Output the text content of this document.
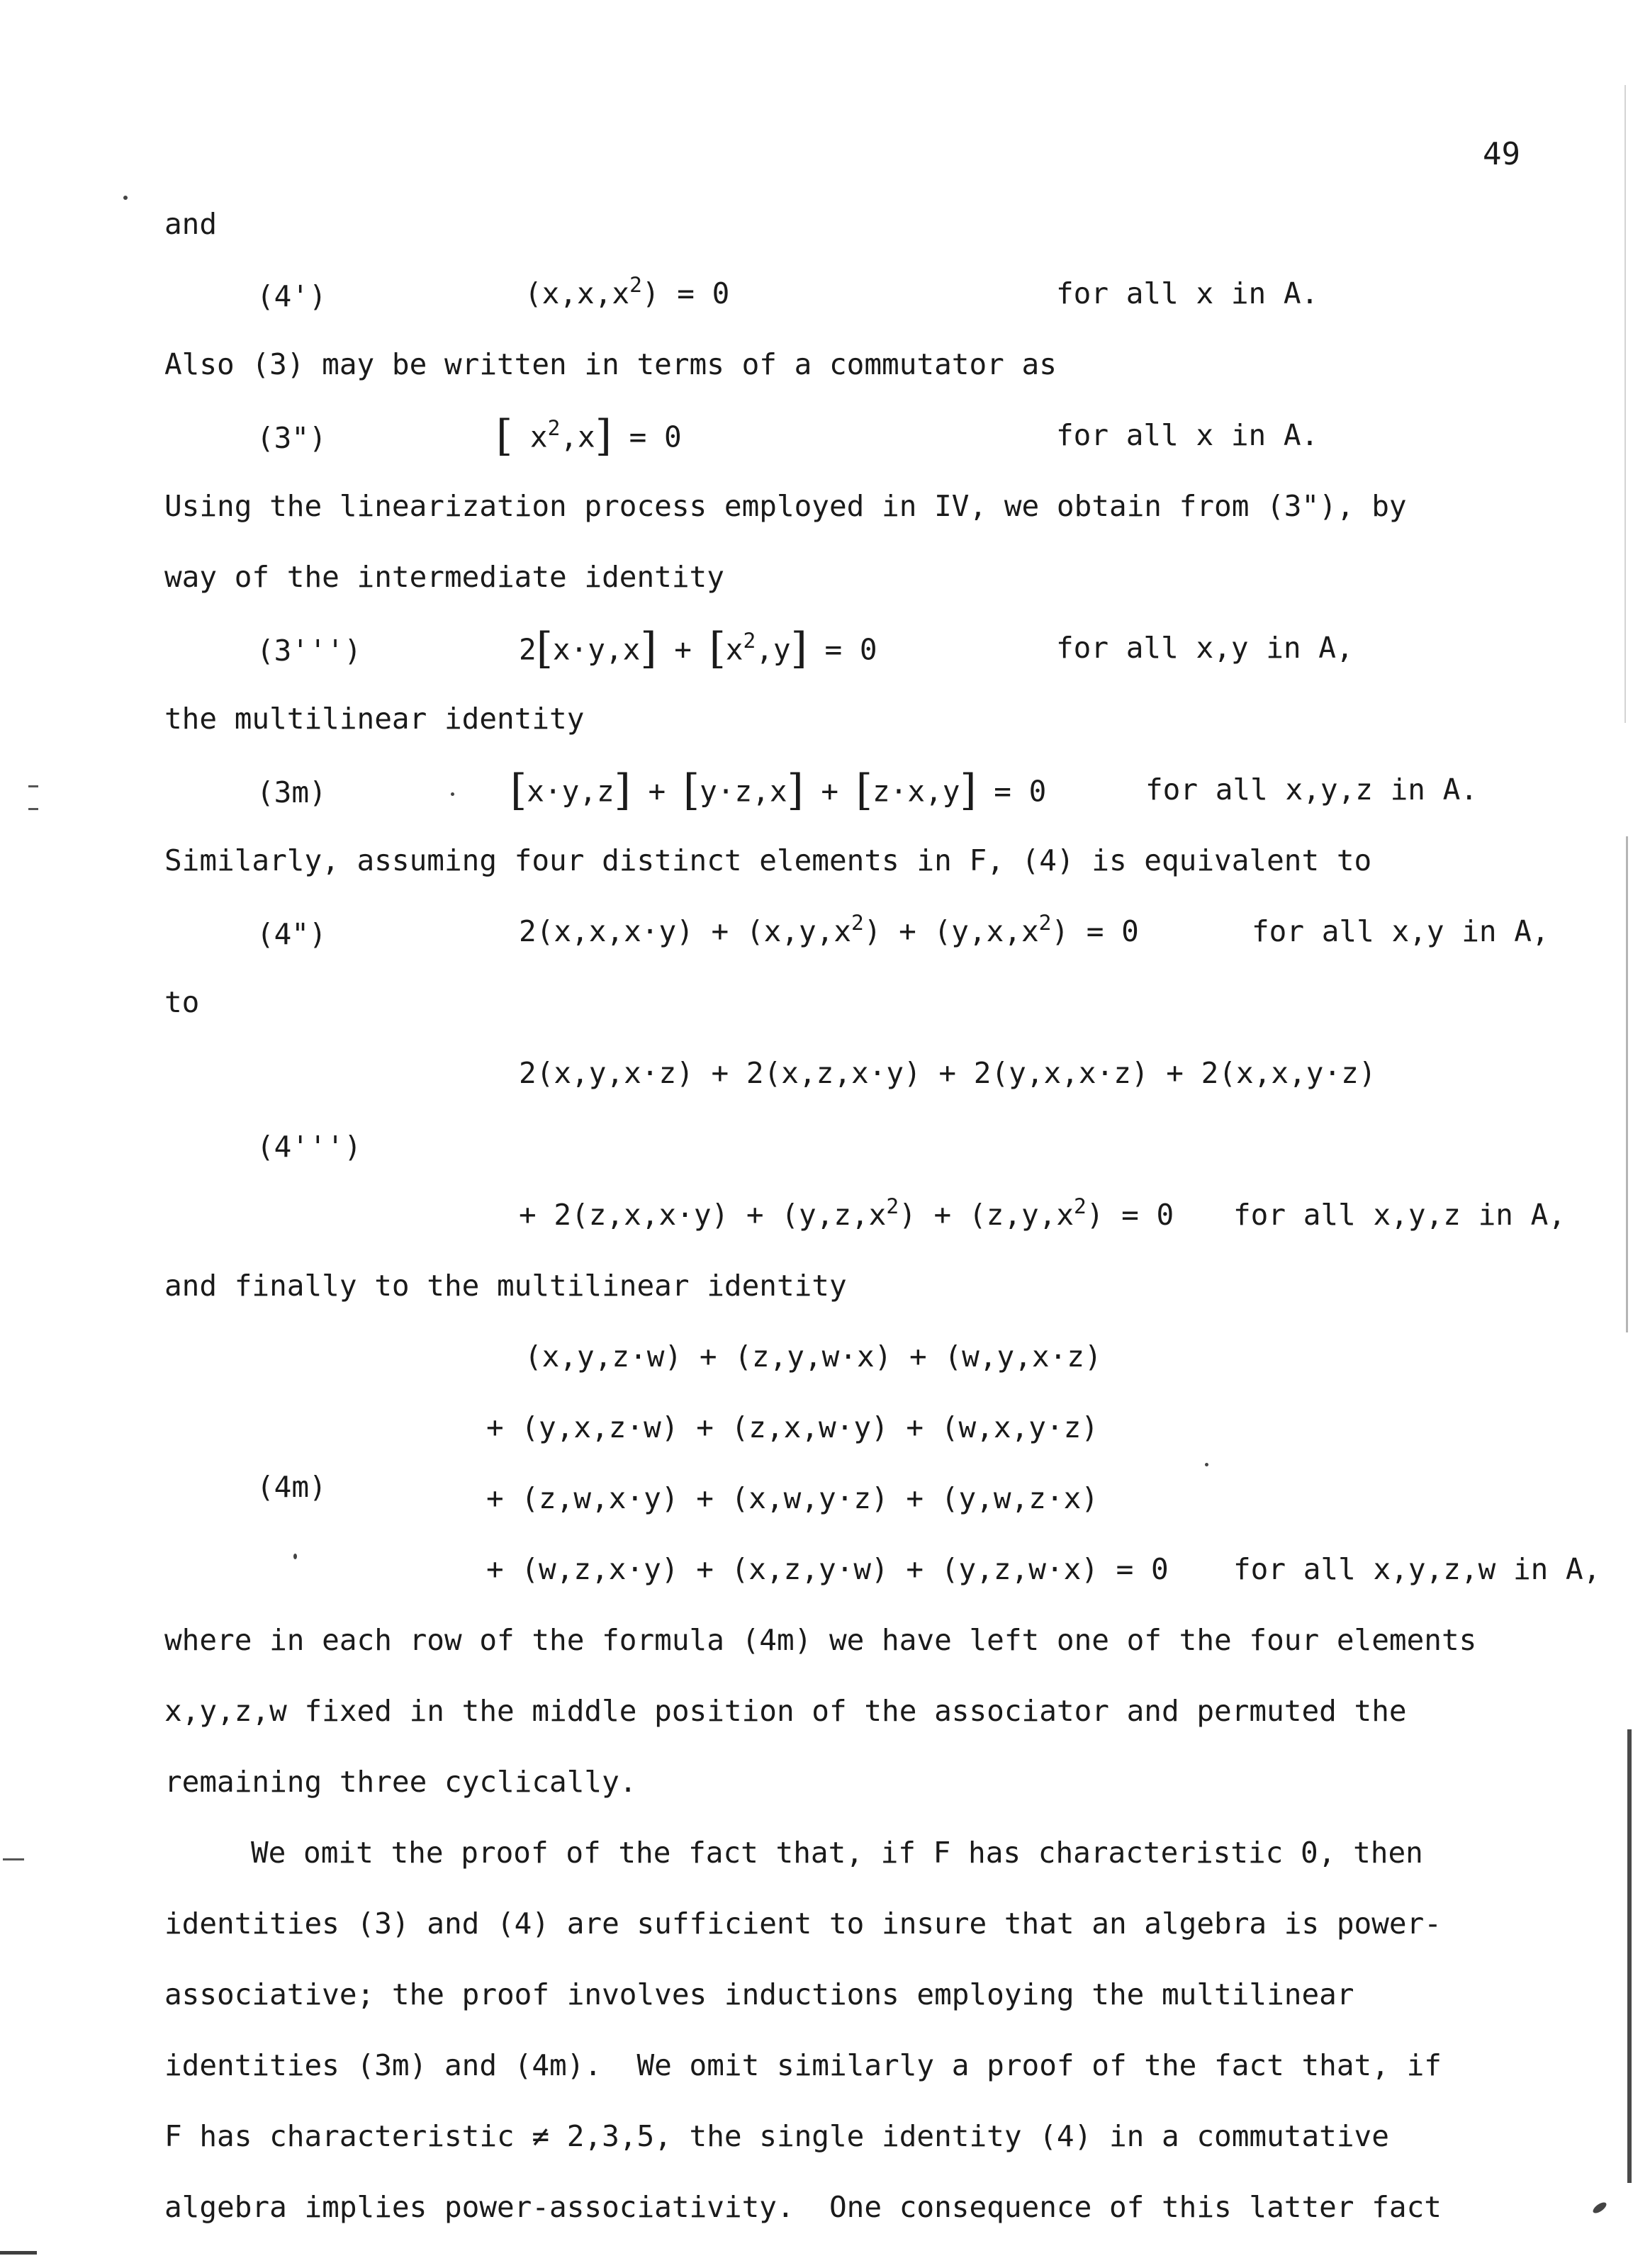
49
and
(4')	$(x,x,x^2) = 0$	for all x in A.
Also (3) may be written in terms of a commutator as
(3")	[ $x^2,x] = 0$	for all x in A.
Using the linearization process employed in IV, we obtain from (3"), by
way of the intermediate identity
(3''')	$2[x\cdot y,x] + [x^2,y] = 0$	for all x,y in A,
the multilinear identity
(3m)	[x·y,z] + [y·z,x] + [z·x,y] = 0	for all x,y,z in A.
Similarly, assuming four distinct elements in F, (4) is equivalent to
(4")	$2(x,x,x\cdot y) + (x,y,x^2) + (y,x,x^2) = 0$	for all x,y in A,
to
2(x,y,x·z) + 2(x,z,x·y) + 2(y,x,x·z) + 2(x,x,y·z)
(4''')
+ $2(z,x,x\cdot y) + (y,z,x^2) + (z,y,x^2) = 0$ for all x,y,z in A,
and finally to the multilinear identity
(x,y,z·w) + (z,y,w·x) + (w,y,x·z)
+ (y,x,z·w) + (z,x,w·y) + (w,x,y·z)
(4m)	+ (z,w,x·y) + (x,w,y·z) + (y,w,z·x)
+ (w,z,x·y) + (x,z,y·w) + (y,z,w·x) = 0 for all x,y,z,w in A,
where in each row of the formula (4m) we have left one of the four elements
x,y,z,w fixed in the middle position of the associator and permuted the
remaining three cyclically.
We omit the proof of the fact that, if F has characteristic 0, then
identities (3) and (4) are sufficient to insure that an algebra is power-
associative; the proof involves inductions employing the multilinear
identities (3m) and (4m).  We omit similarly a proof of the fact that, if
F has characteristic ≠ 2,3,5, the single identity (4) in a commutative
algebra implies power-associativity.  One consequence of this latter fact
